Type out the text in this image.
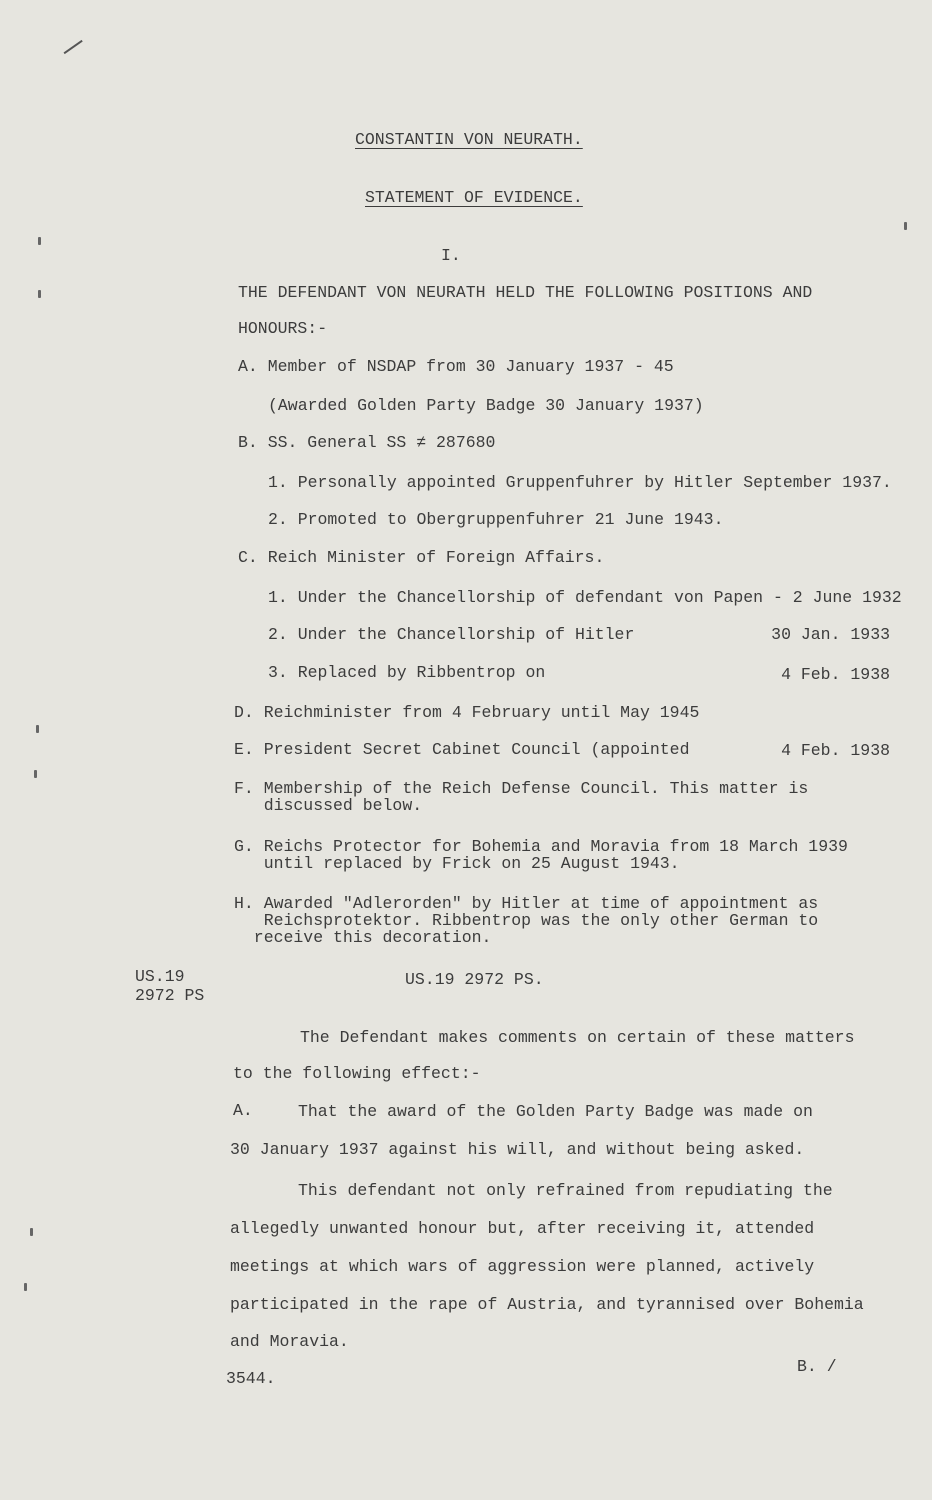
CONSTANTIN VON NEURATH.
STATEMENT OF EVIDENCE.
I.
THE DEFENDANT VON NEURATH HELD THE FOLLOWING POSITIONS AND
HONOURS:-
A. Member of NSDAP from 30 January 1937 - 45
(Awarded Golden Party Badge 30 January 1937)
B. SS. General SS ≠ 287680
1. Personally appointed Gruppenfuhrer by Hitler September 1937.
2. Promoted to Obergruppenfuhrer 21 June 1943.
C. Reich Minister of Foreign Affairs.
1. Under the Chancellorship of defendant von Papen - 2 June 1932
2. Under the Chancellorship of Hitler	30 Jan. 1933
3. Replaced by Ribbentrop on	4 Feb. 1938
D. Reichminister from 4 February until May 1945
E. President Secret Cabinet Council (appointed	4 Feb. 1938
F. Membership of the Reich Defense Council. This matter is
discussed below.
G. Reichs Protector for Bohemia and Moravia from 18 March 1939
until replaced by Frick on 25 August 1943.
H. Awarded "Adlerorden" by Hitler at time of appointment as
Reichsprotektor. Ribbentrop was the only other German to
receive this decoration.
US.19
2972 PS
US.19 2972 PS.
The Defendant makes comments on certain of these matters
to the following effect:-
A.	That the award of the Golden Party Badge was made on
30 January 1937 against his will, and without being asked.
This defendant not only refrained from repudiating the
allegedly unwanted honour but, after receiving it, attended
meetings at which wars of aggression were planned, actively
participated in the rape of Austria, and tyrannised over Bohemia
and Moravia.
B. /
3544.
